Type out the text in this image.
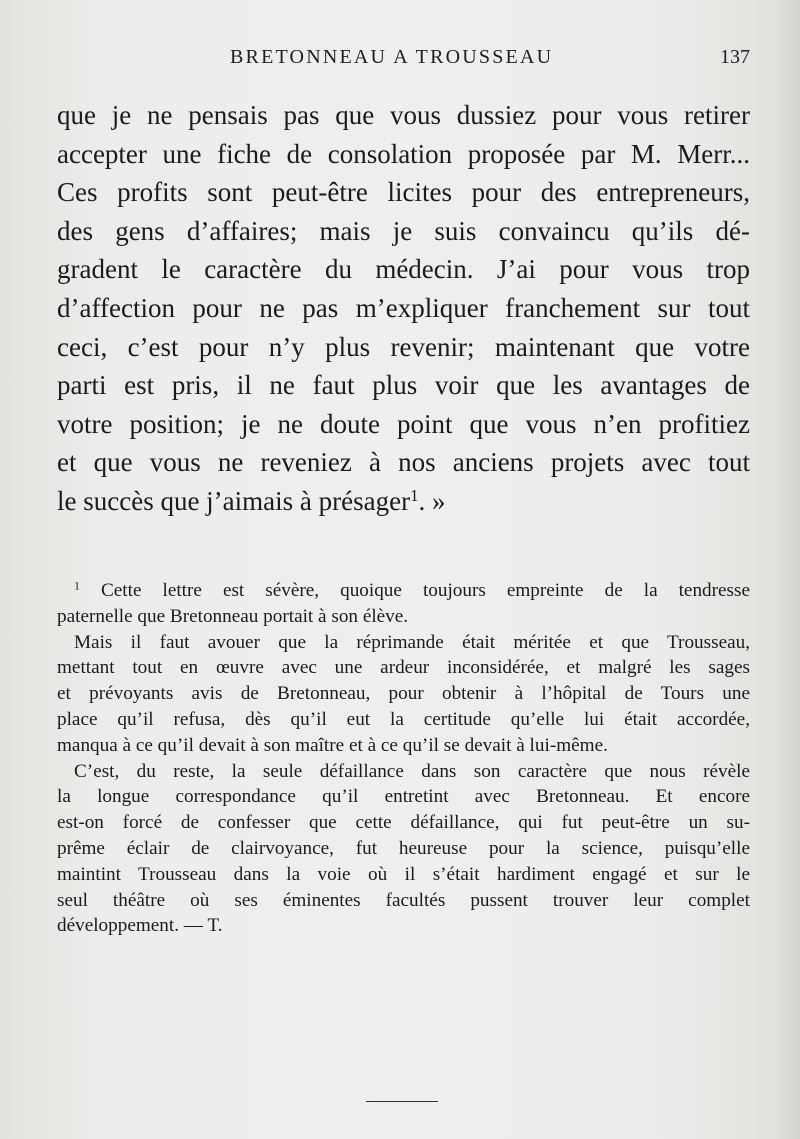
BRETONNEAU A TROUSSEAU	137
que je ne pensais pas que vous dussiez pour vous retirer
accepter une fiche de consolation proposée par M. Merr...
Ces profits sont peut-être licites pour des entrepreneurs,
des gens d’affaires; mais je suis convaincu qu’ils dé-
gradent le caractère du médecin. J’ai pour vous trop
d’affection pour ne pas m’expliquer franchement sur tout
ceci, c’est pour n’y plus revenir; maintenant que votre
parti est pris, il ne faut plus voir que les avantages de
votre position; je ne doute point que vous n’en profitiez
et que vous ne reveniez à nos anciens projets avec tout
le succès que j’aimais à présager$^1$. »
$^1$ Cette lettre est sévère, quoique toujours empreinte de la tendresse
paternelle que Bretonneau portait à son élève.
Mais il faut avouer que la réprimande était méritée et que Trousseau,
mettant tout en œuvre avec une ardeur inconsidérée, et malgré les sages
et prévoyants avis de Bretonneau, pour obtenir à l’hôpital de Tours une
place qu’il refusa, dès qu’il eut la certitude qu’elle lui était accordée,
manqua à ce qu’il devait à son maître et à ce qu’il se devait à lui-même.
C’est, du reste, la seule défaillance dans son caractère que nous révèle
la longue correspondance qu’il entretint avec Bretonneau. Et encore
est-on forcé de confesser que cette défaillance, qui fut peut-être un su-
prême éclair de clairvoyance, fut heureuse pour la science, puisqu’elle
maintint Trousseau dans la voie où il s’était hardiment engagé et sur le
seul théâtre où ses éminentes facultés pussent trouver leur complet
développement. — T.
